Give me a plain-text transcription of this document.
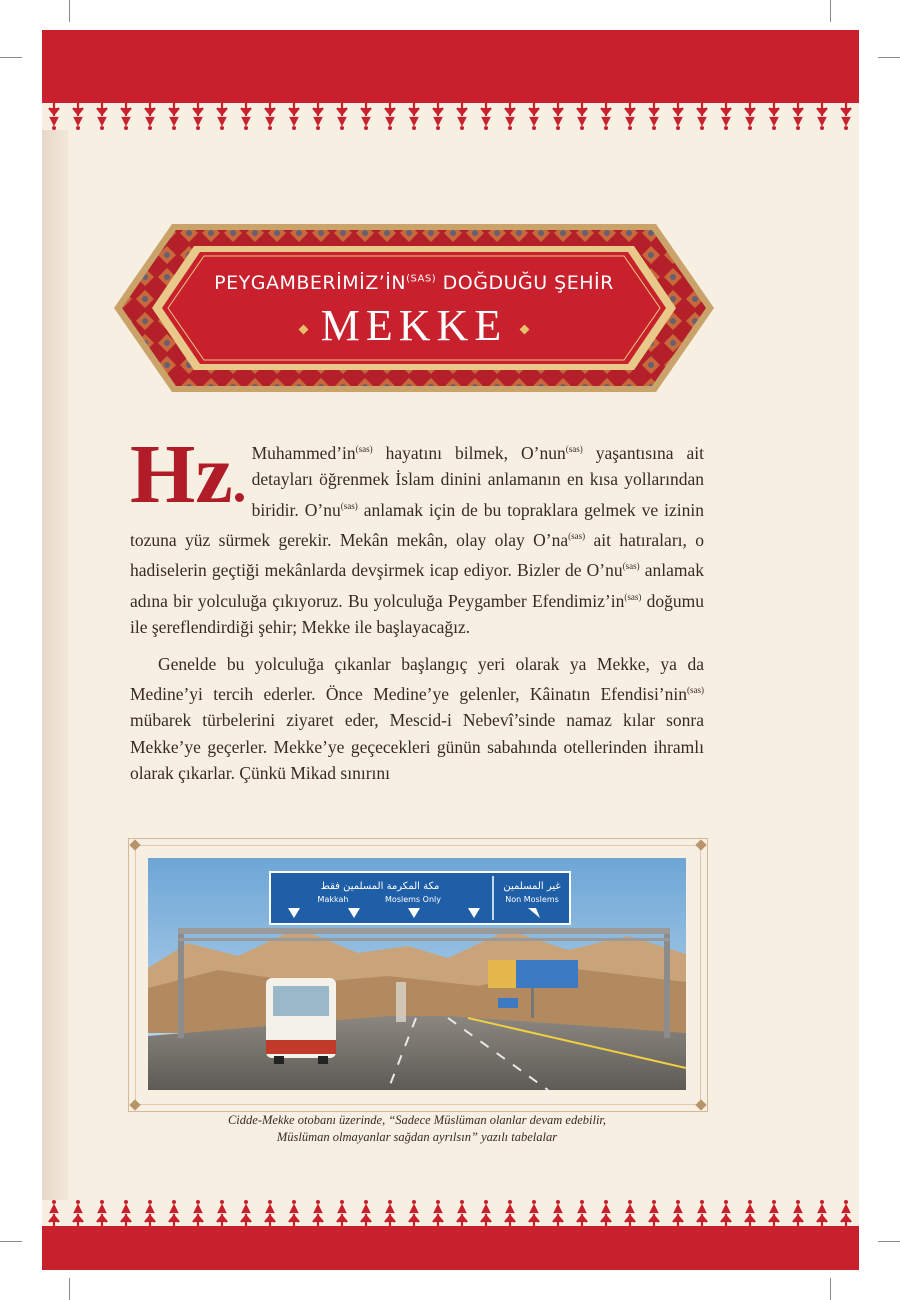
$PEYGAMBERİMİZ’İN^{(SAS)}$ DOĞDUĞU ŞEHİR
MEKKE

Hz	$Muhammed’in^{(sas)}$ hayatını bilmek, O’nun$^{(sas)}$ yaşantısına ait detayları öğrenmek İslam dinini anlamanın en kısa yollarından biridir. $O’nu^{(sas)}$ anlamak için de bu topraklara gelmek ve izinin tozuna yüz sürmek gerekir. Mekân mekân, olay olay $O’na^{(sas)}$ ait hatıraları, o hadiselerin geçtiği mekânlarda devşirmek icap ediyor. Bizler de $O’nu^{(sas)}$ anlamak adına bir yolculuğa çıkıyoruz. Bu yolculuğa Peygamber $Efendimiz’in^{(sas)}$ doğumu ile şereflendirdiği şehir; Mekke ile başlayacağız.

Genelde bu yolculuğa çıkanlar başlangıç yeri olarak ya Mekke, ya da Medine’yi tercih ederler. Önce Medine’ye gelenler, Kâinatın Efendisi’nin$^{(sas)}$ mübarek türbelerini ziyaret eder, Mescid-i Nebevî’sinde namaz kılar sonra Mekke’ye geçerler. Mekke’ye geçecekleri günün sabahında otellerinden ihramlı olarak çıkarlar. Çünkü Mikad sınırını

مكة المكرمة المسلمين فقط
Makkah	Moslems Only
غير المسلمين
Non Moslems
Cidde-Mekke otobanı üzerinde, “Sadece Müslüman olanlar devam edebilir,
Müslüman olmayanlar sağdan ayrılsın” yazılı tabelalar
